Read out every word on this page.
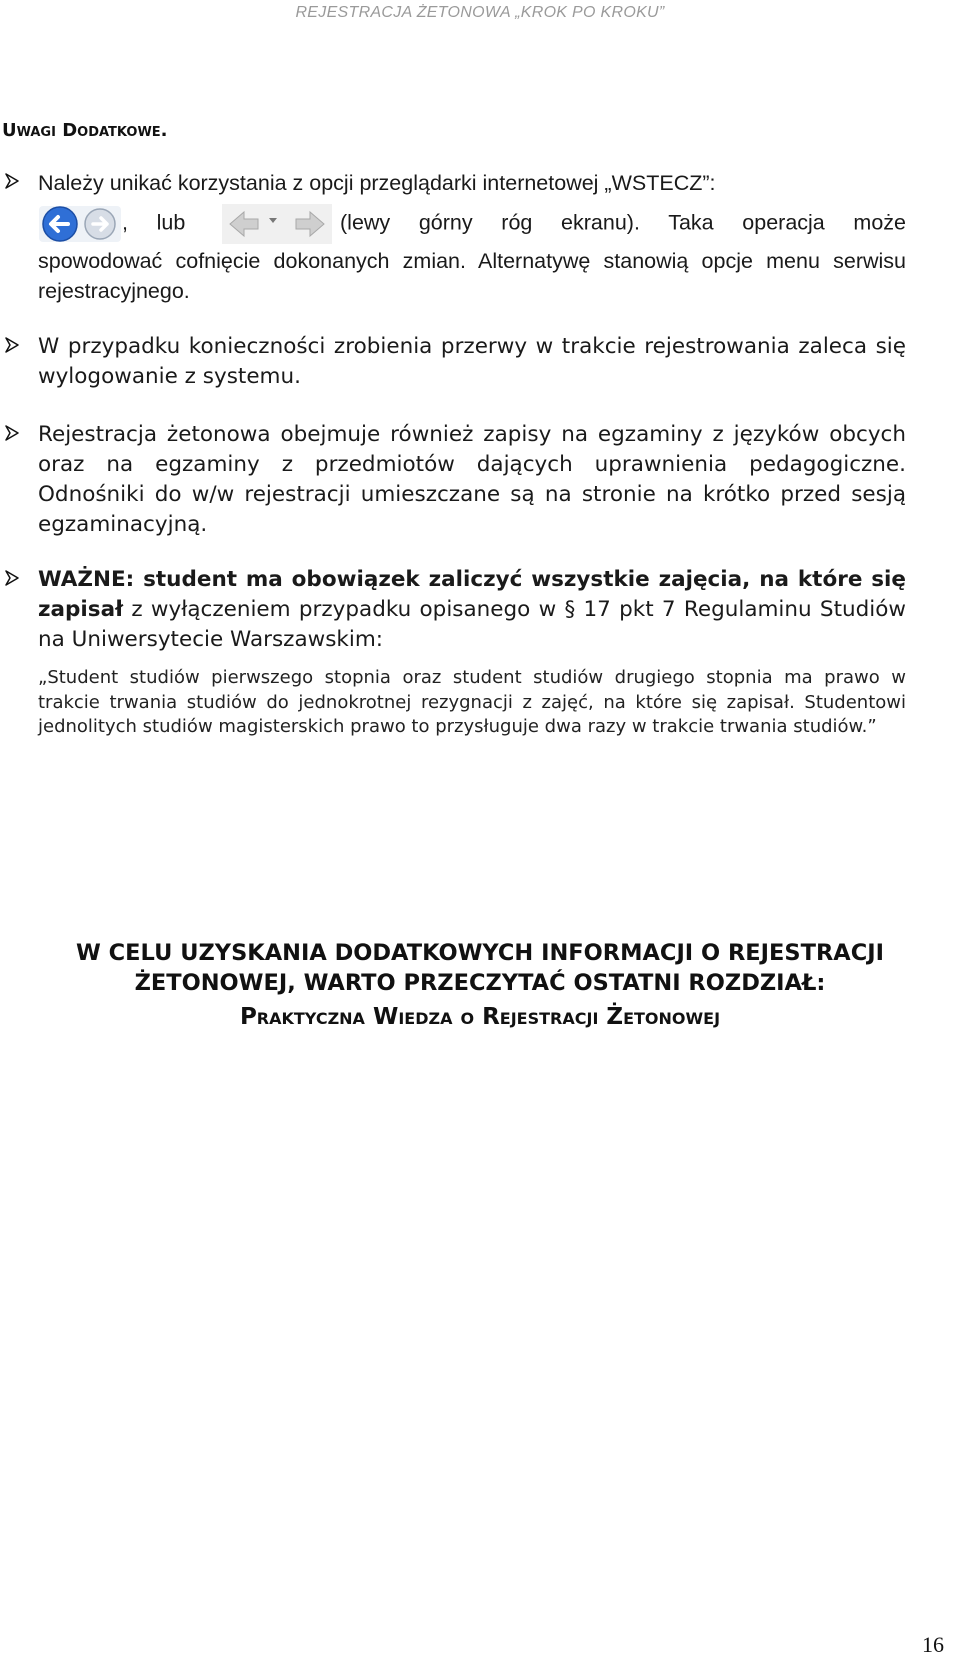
REJESTRACJA ŻETONOWA „KROK PO KROKU”
Uwagi Dodatkowe.
Należy unikać korzystania z opcji przeglądarki internetowej „WSTECZ”:
, lub	(lewy górny róg ekranu). Taka operacja może
spowodować cofnięcie dokonanych zmian. Alternatywę stanowią opcje menu serwisu rejestracyjnego.
W przypadku konieczności zrobienia przerwy w trakcie rejestrowania zaleca się wylogowanie z systemu.
Rejestracja żetonowa obejmuje również zapisy na egzaminy z języków obcych oraz na egzaminy z przedmiotów dających uprawnienia pedagogiczne. Odnośniki do w/w rejestracji umieszczane są na stronie na krótko przed sesją egzaminacyjną.
WAŻNE: student ma obowiązek zaliczyć wszystkie zajęcia, na które się zapisał z wyłączeniem przypadku opisanego w § 17 pkt 7 Regulaminu Studiów na Uniwersytecie Warszawskim:
„Student studiów pierwszego stopnia oraz student studiów drugiego stopnia ma prawo w trakcie trwania studiów do jednokrotnej rezygnacji z zajęć, na które się zapisał. Studentowi jednolitych studiów magisterskich prawo to przysługuje dwa razy w trakcie trwania studiów.”
W CELU UZYSKANIA DODATKOWYCH INFORMACJI O REJESTRACJI
ŻETONOWEJ, WARTO PRZECZYTAĆ OSTATNI ROZDZIAŁ:
Praktyczna Wiedza o Rejestracji Żetonowej
16
